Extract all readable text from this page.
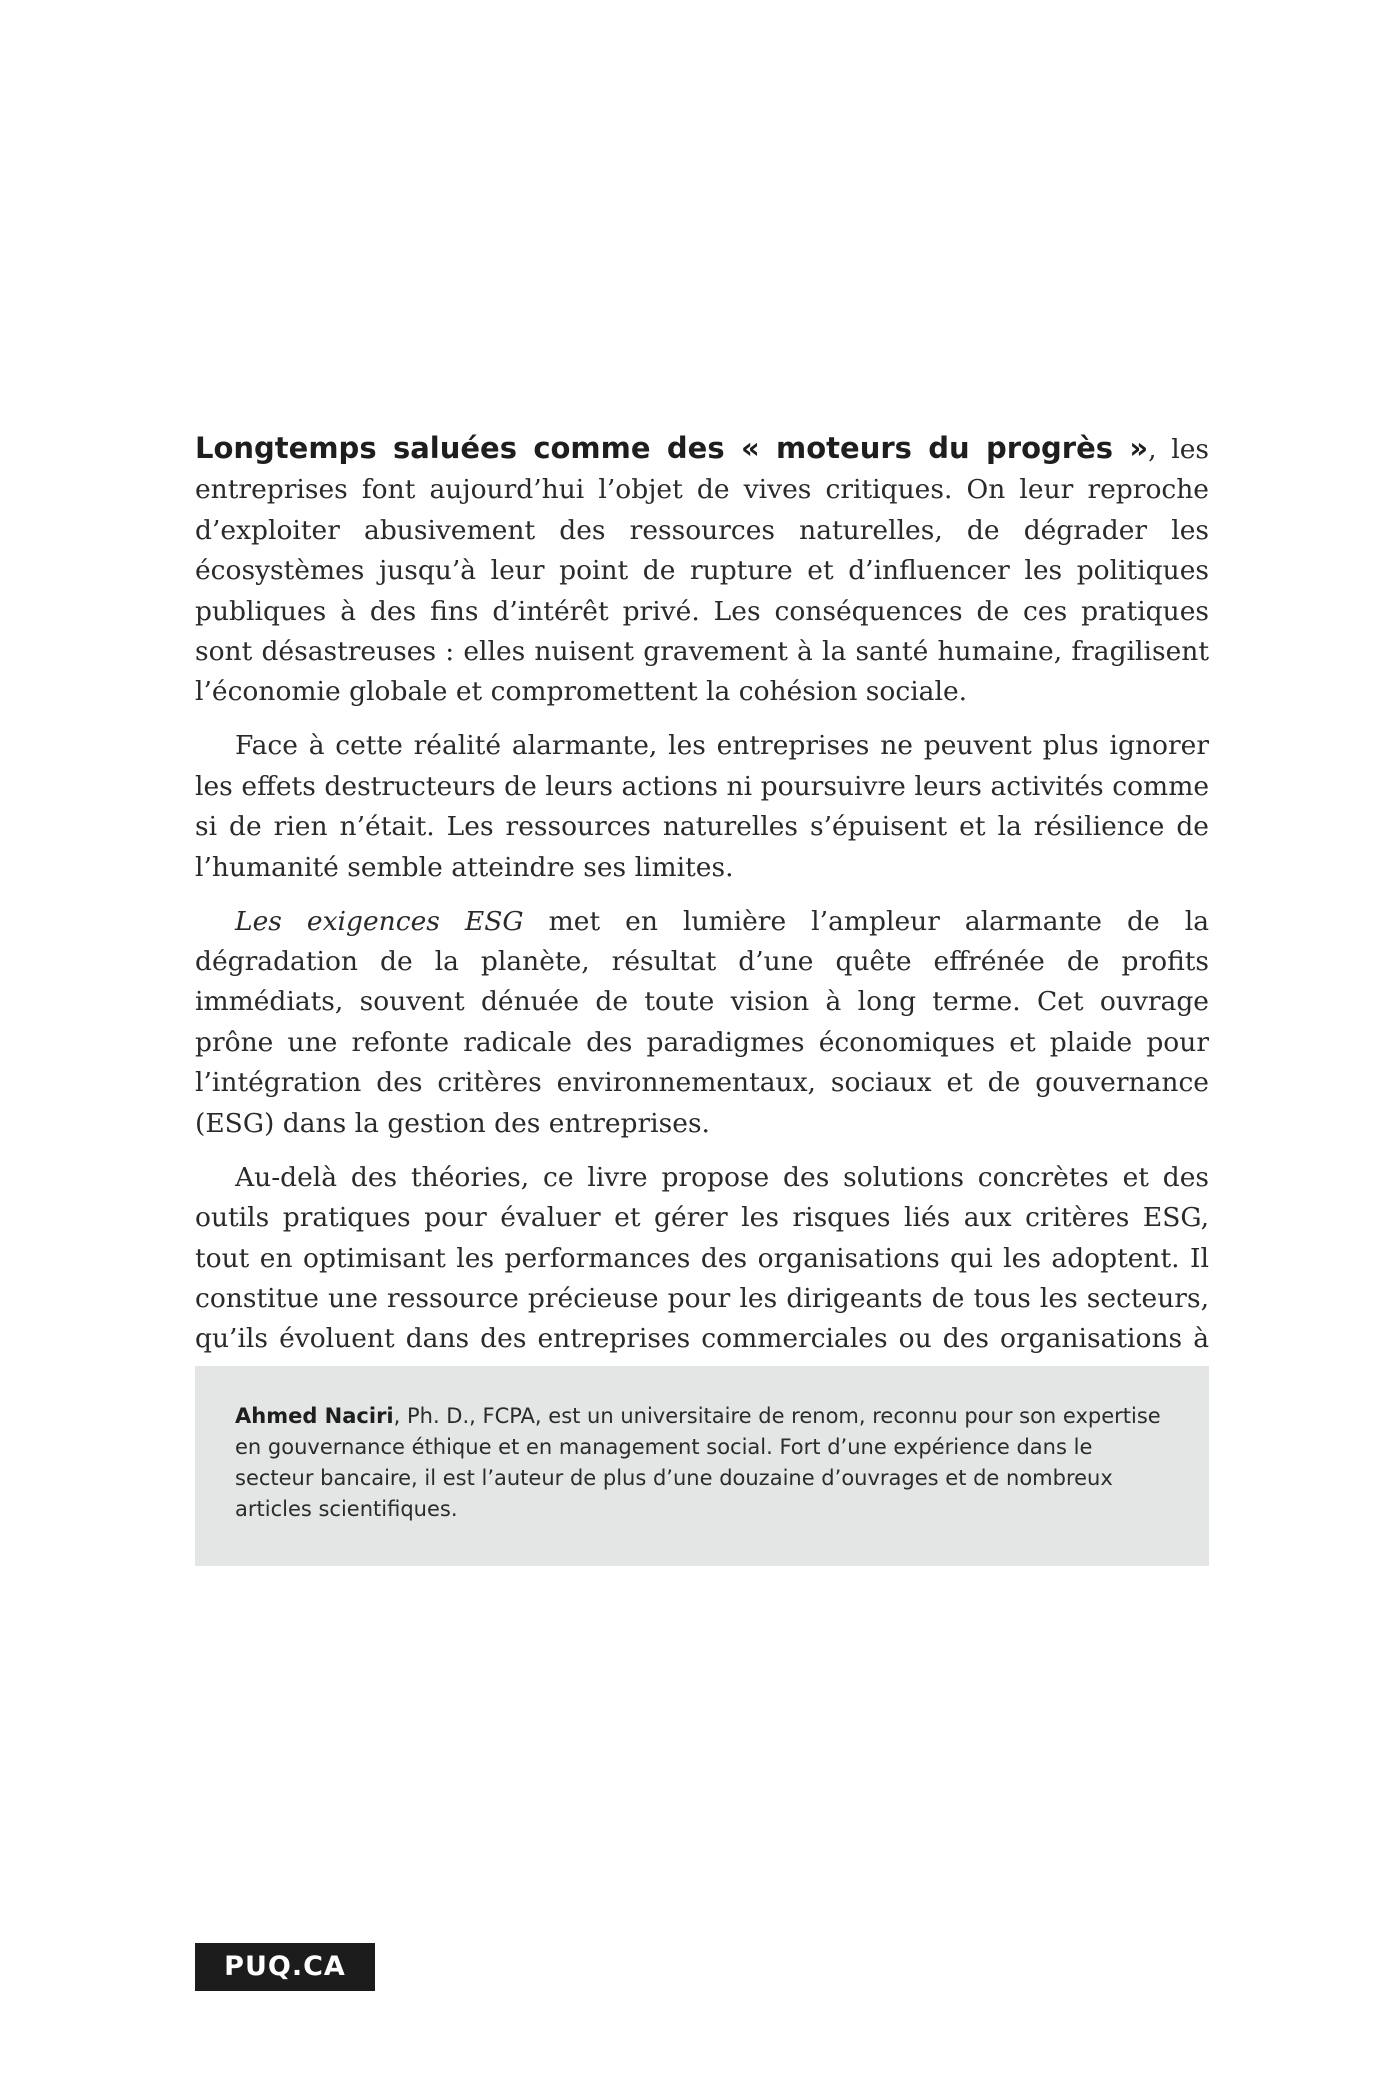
Longtemps saluées comme des « moteurs du progrès », les entreprises font aujourd’hui l’objet de vives critiques. On leur reproche d’exploiter abusivement des ressources naturelles, de dégrader les écosystèmes jusqu’à leur point de rupture et d’influencer les politiques publiques à des fins d’intérêt privé. Les conséquences de ces pratiques sont désastreuses : elles nuisent gravement à la santé humaine, fragilisent l’économie globale et compromettent la cohésion sociale.

Face à cette réalité alarmante, les entreprises ne peuvent plus ignorer les effets destructeurs de leurs actions ni poursuivre leurs activités comme si de rien n’était. Les ressources naturelles s’épuisent et la résilience de l’humanité semble atteindre ses limites.

Les exigences ESG met en lumière l’ampleur alarmante de la dégradation de la planète, résultat d’une quête effrénée de profits immédiats, souvent dénuée de toute vision à long terme. Cet ouvrage prône une refonte radicale des paradigmes économiques et plaide pour l’intégration des critères environnementaux, sociaux et de gouvernance (ESG) dans la gestion des entreprises.

Au-delà des théories, ce livre propose des solutions concrètes et des outils pratiques pour évaluer et gérer les risques liés aux critères ESG, tout en optimisant les performances des organisations qui les adoptent. Il constitue une ressource précieuse pour les dirigeants de tous les secteurs, qu’ils évoluent dans des entreprises commerciales ou des organisations à

Ahmed Naciri, Ph. D., FCPA, est un universitaire de renom, reconnu pour son expertise en gouvernance éthique et en management social. Fort d’une expérience dans le secteur bancaire, il est l’auteur de plus d’une douzaine d’ouvrages et de nombreux articles scientifiques.

PUQ.CA
